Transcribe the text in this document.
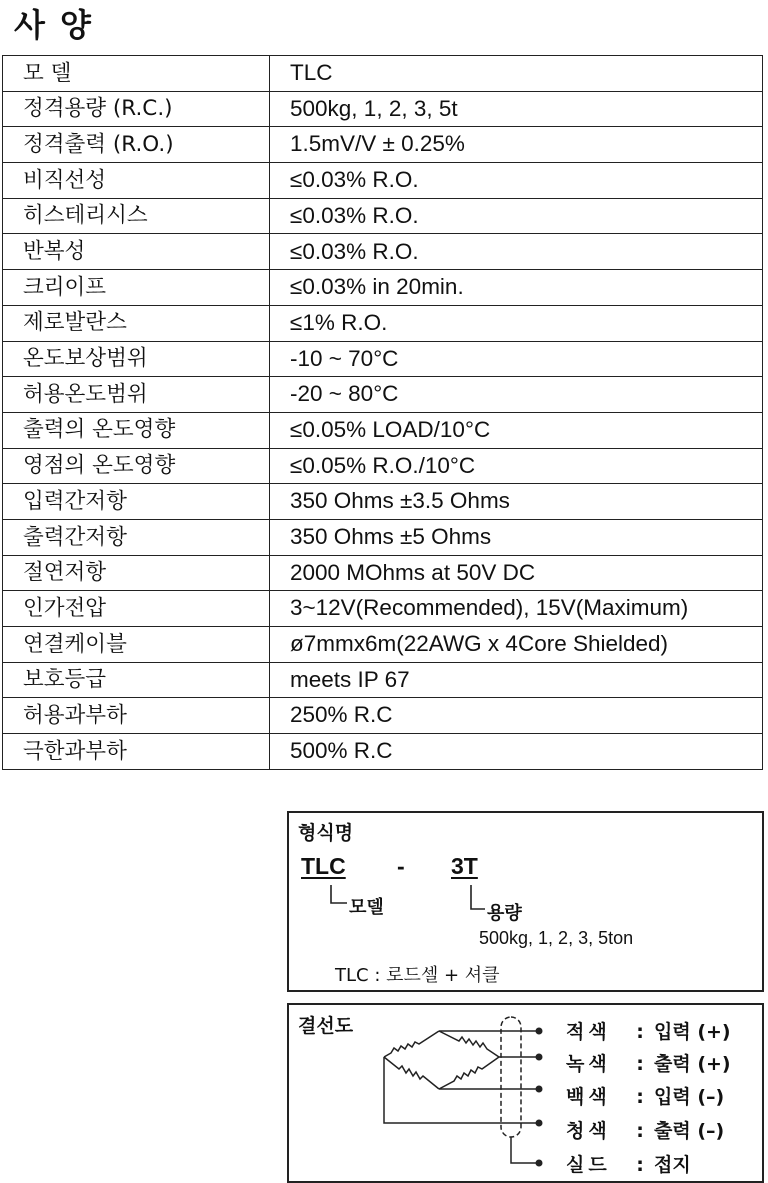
사 양
모 델	TLC
정격용량 (R.C.)	500kg, 1, 2, 3, 5t
정격출력 (R.O.)	1.5mV/V ± 0.25%
비직선성	≤0.03% R.O.
히스테리시스	≤0.03% R.O.
반복성	≤0.03% R.O.
크리이프	≤0.03% in 20min.
제로발란스	≤1% R.O.
온도보상범위	-10 ~ 70°C
허용온도범위	-20 ~ 80°C
출력의 온도영향	≤0.05% LOAD/10°C
영점의 온도영향	≤0.05% R.O./10°C
입력간저항	350 Ohms ±3.5 Ohms
출력간저항	350 Ohms ±5 Ohms
절연저항	2000 MOhms at 50V DC
인가전압	3~12V(Recommended), 15V(Maximum)
연결케이블	ø7mmx6m(22AWG x 4Core Shielded)
보호등급	meets IP 67
허용과부하	250% R.C
극한과부하	500% R.C
형식명
TLC - 3T
모델	용량
500kg, 1, 2, 3, 5ton
TLC : 로드셀 + 셔클
결선도	적색 : 입력 (+)
녹색 : 출력 (+)
백색 : 입력 (–)
청색 : 출력 (–)
실드 : 접지
